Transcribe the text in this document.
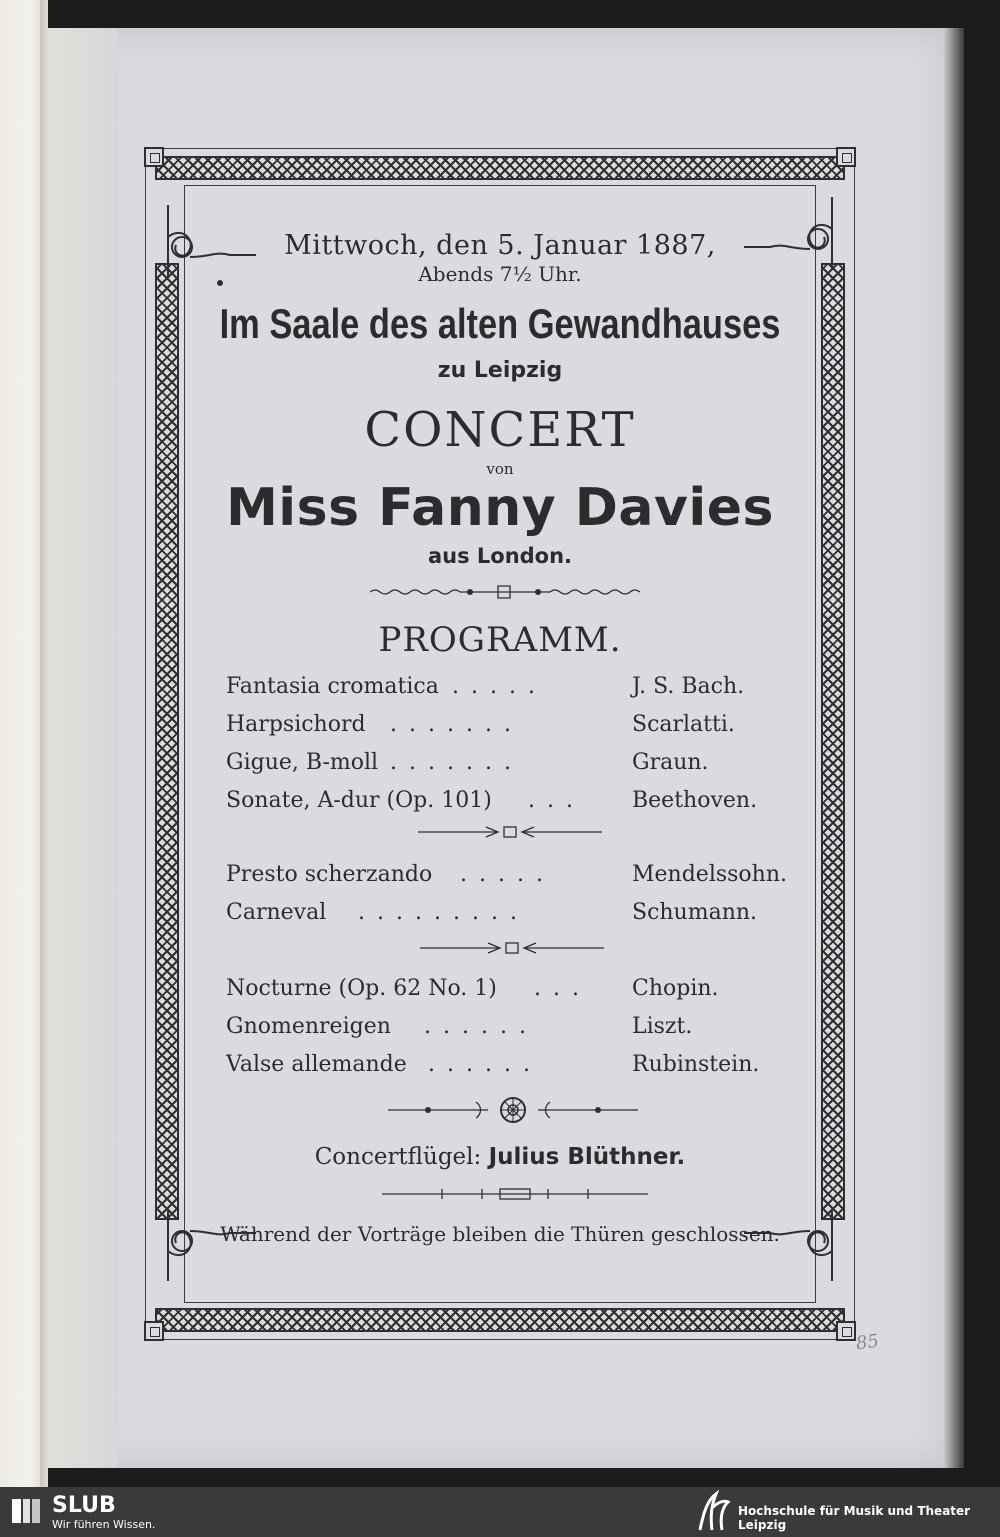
Mittwoch, den 5. Januar 1887,
Abends 7½ Uhr.
Im Saale des alten Gewandhauses
zu Leipzig
CONCERT
von
Miss Fanny Davies
aus London.
PROGRAMM.
Fantasia cromatica .....	J. S. Bach.
Harpsichord .......	Scarlatti.
Gigue, B-moll .......	Graun.
Sonate, A-dur (Op. 101) ... Beethoven.
Presto scherzando .....	Mendelssohn.
Carneval .........	Schumann.
Nocturne (Op. 62 No. 1) ... Chopin.
Gnomenreigen ......	Liszt.
Valse allemande ......	Rubinstein.
Concertflügel: Julius Blüthner.
Während der Vorträge bleiben die Thüren geschlossen.
85
SLUB
Wir führen Wissen.
Hochschule für Musik und Theater Leipzig
